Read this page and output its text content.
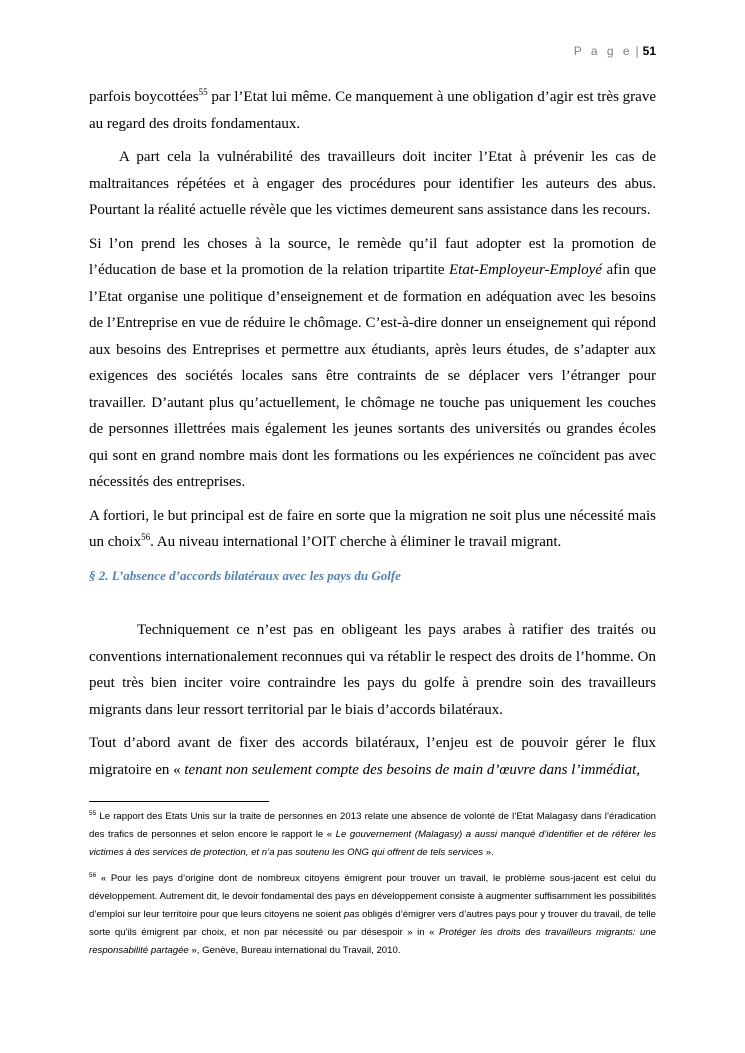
P a g e | 51

parfois boycottées$^{55}$ par l’Etat lui même. Ce manquement à une obligation d’agir est très grave au regard des droits fondamentaux.

A part cela la vulnérabilité des travailleurs doit inciter l’Etat à prévenir les cas de maltraitances répétées et à engager des procédures pour identifier les auteurs des abus. Pourtant la réalité actuelle révèle que les victimes demeurent sans assistance dans les recours.

Si l’on prend les choses à la source, le remède qu’il faut adopter est la promotion de l’éducation de base et la promotion de la relation tripartite Etat-Employeur-Employé afin que l’Etat organise une politique d’enseignement et de formation en adéquation avec les besoins de l’Entreprise en vue de réduire le chômage. C’est-à-dire donner un enseignement qui répond aux besoins des Entreprises et permettre aux étudiants, après leurs études, de s’adapter aux exigences des sociétés locales sans être contraints de se déplacer vers l’étranger pour travailler. D’autant plus qu’actuellement, le chômage ne touche pas uniquement les couches de personnes illettrées mais également les jeunes sortants des universités ou grandes écoles qui sont en grand nombre mais dont les formations ou les expériences ne coïncident pas avec nécessités des entreprises.

A fortiori, le but principal est de faire en sorte que la migration ne soit plus une nécessité mais un choix$^{56}$. Au niveau international l’OIT cherche à éliminer le travail migrant.

§ 2. L’absence d’accords bilatéraux avec les pays du Golfe

Techniquement ce n’est pas en obligeant les pays arabes à ratifier des traités ou conventions internationalement reconnues qui va rétablir le respect des droits de l’homme. On peut très bien inciter voire contraindre les pays du golfe à prendre soin des travailleurs migrants dans leur ressort territorial par le biais d’accords bilatéraux.

Tout d’abord avant de fixer des accords bilatéraux, l’enjeu est de pouvoir gérer le flux migratoire en « tenant non seulement compte des besoins de main d’œuvre dans l’immédiat,

$^{55}$ Le rapport des Etats Unis sur la traite de personnes en 2013 relate une absence de volonté de l’Etat Malagasy dans l’éradication des trafics de personnes et selon encore le rapport le « Le gouvernement (Malagasy) a aussi manqué d’identifier et de référer les victimes à des services de protection, et n’a pas soutenu les ONG qui offrent de tels services ».

$^{56}$ « Pour les pays d’origine dont de nombreux citoyens émigrent pour trouver un travail, le problème sous-jacent est celui du développement. Autrement dit, le devoir fondamental des pays en développement consiste à augmenter suffisamment les possibilités d’emploi sur leur territoire pour que leurs citoyens ne soient pas obligés d’émigrer vers d’autres pays pour y trouver du travail, de telle sorte qu’ils émigrent par choix, et non par nécessité ou par désespoir » in « Protéger les droits des travailleurs migrants: une responsabilité partagée », Genève, Bureau international du Travail, 2010.
